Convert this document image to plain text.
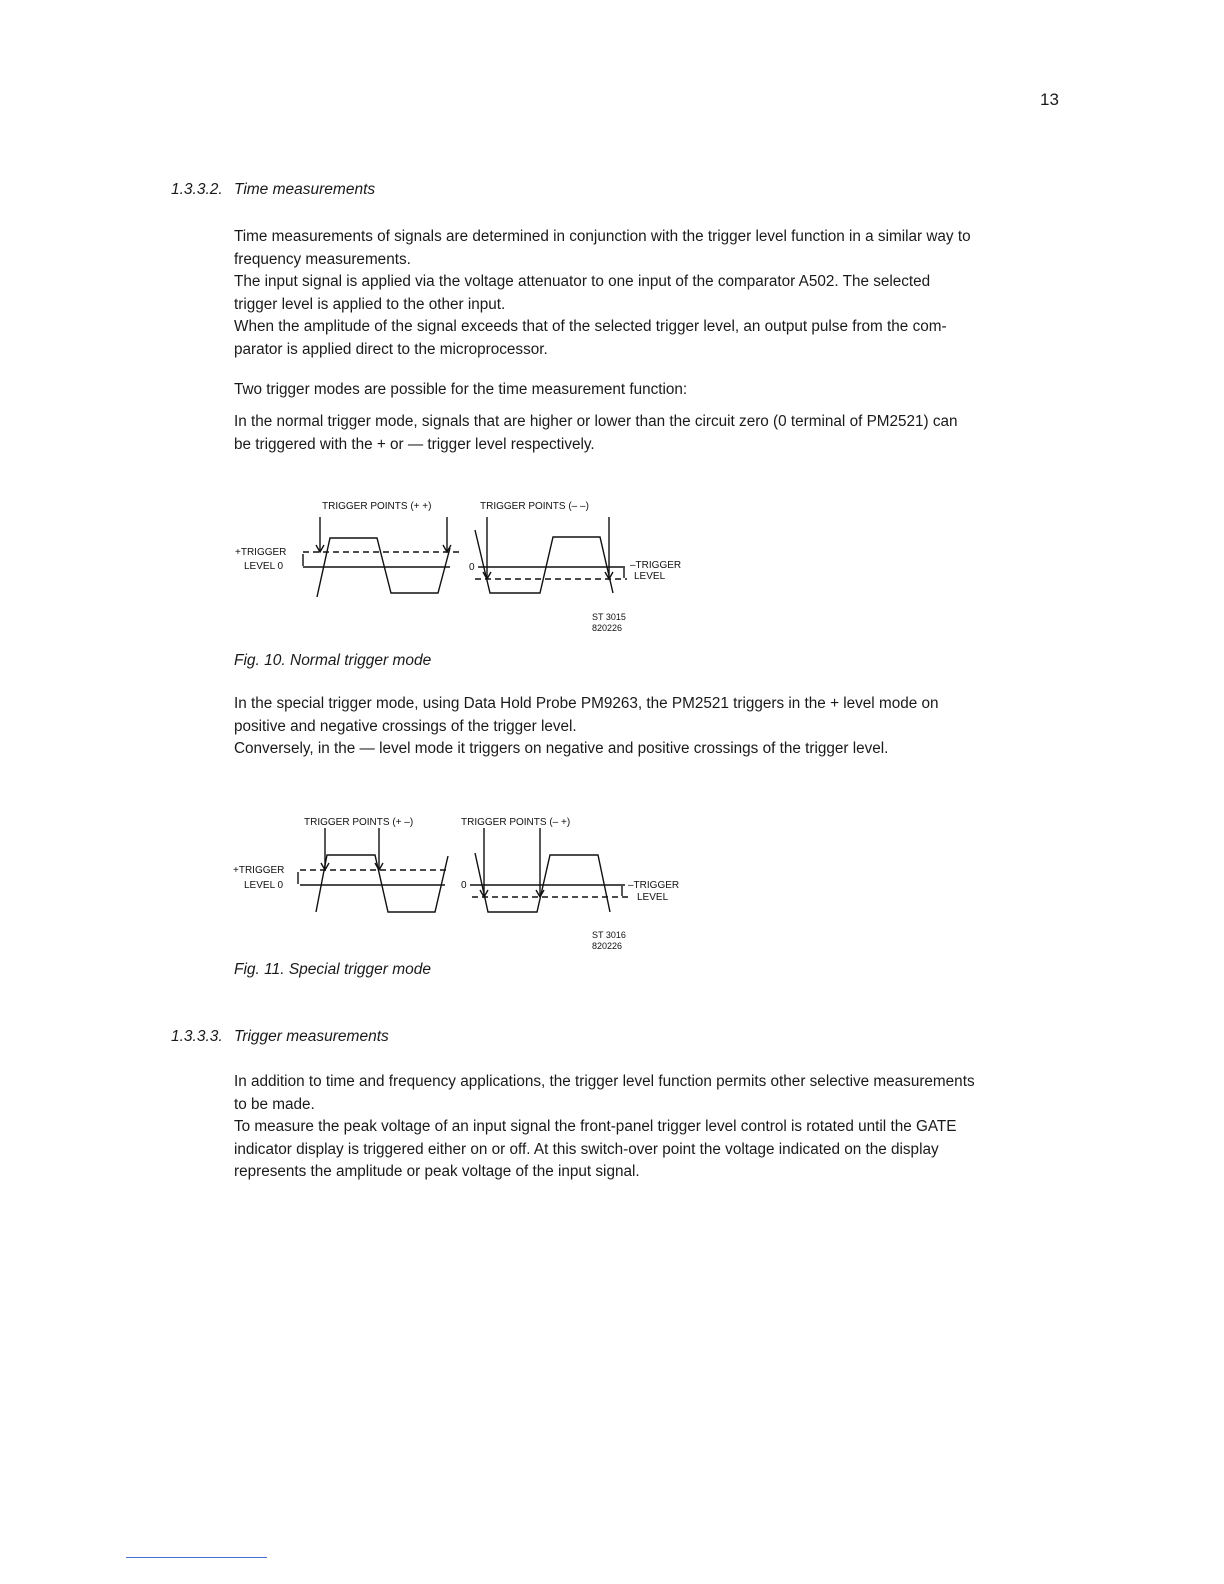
13
1.3.3.2. Time measurements
Time measurements of signals are determined in conjunction with the trigger level function in a similar way to
frequency measurements.
The input signal is applied via the voltage attenuator to one input of the comparator A502. The selected
trigger level is applied to the other input.
When the amplitude of the signal exceeds that of the selected trigger level, an output pulse from the com-
parator is applied direct to the microprocessor.
Two trigger modes are possible for the time measurement function:
In the normal trigger mode, signals that are higher or lower than the circuit zero (0 terminal of PM2521) can
be triggered with the + or — trigger level respectively.
TRIGGER POINTS (+ +)	TRIGGER POINTS (– –)
+TRIGGER
LEVEL 0	0	–TRIGGER
LEVEL
ST 3015
820226
TRIGGER POINTS (+ –)	TRIGGER POINTS (– +)
+TRIGGER
LEVEL 0	0	–TRIGGER
LEVEL
ST 3016
820226
Fig. 10. Normal trigger mode
In the special trigger mode, using Data Hold Probe PM9263, the PM2521 triggers in the + level mode on
positive and negative crossings of the trigger level.
Conversely, in the — level mode it triggers on negative and positive crossings of the trigger level.
Fig. 11. Special trigger mode
1.3.3.3. Trigger measurements
In addition to time and frequency applications, the trigger level function permits other selective measurements
to be made.
To measure the peak voltage of an input signal the front-panel trigger level control is rotated until the GATE
indicator display is triggered either on or off. At this switch-over point the voltage indicated on the display
represents the amplitude or peak voltage of the input signal.
